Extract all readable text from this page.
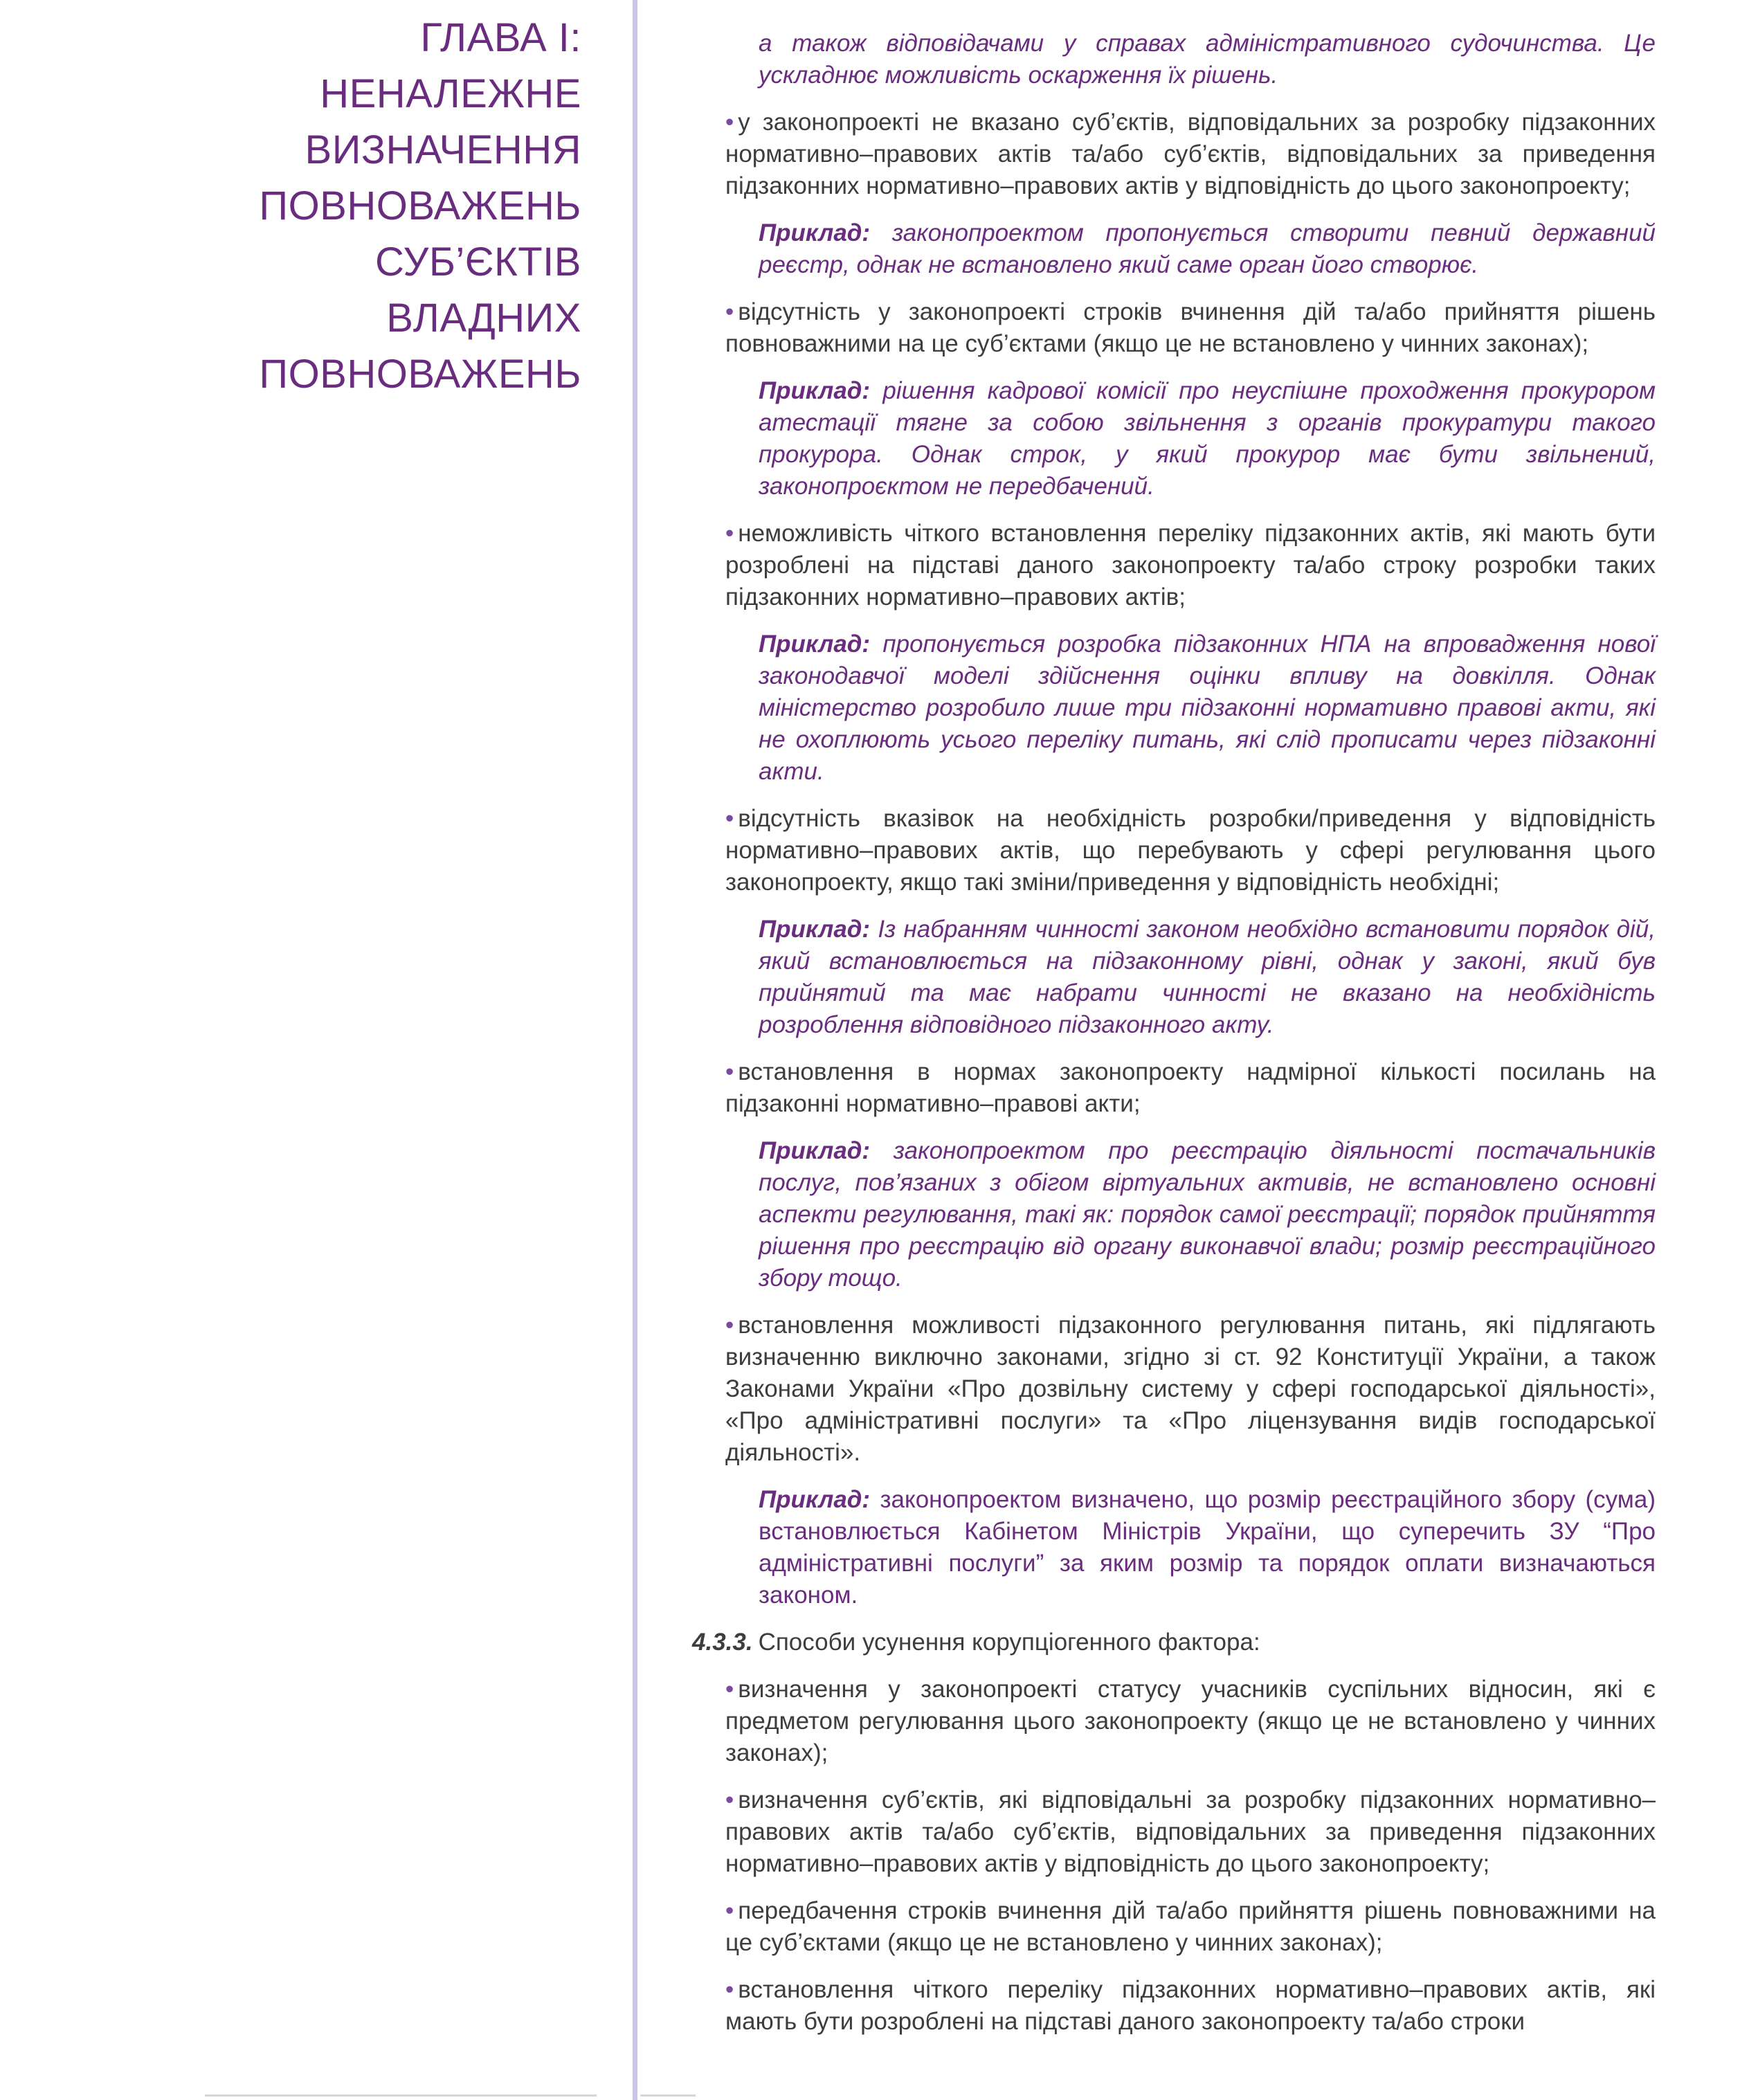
ГЛАВА І:
НЕНАЛЕЖНЕ
ВИЗНАЧЕННЯ
ПОВНОВАЖЕНЬ
СУБ’ЄКТІВ
ВЛАДНИХ
ПОВНОВАЖЕНЬ
а також відповідачами у справах адміністративного судочинства. Це ускладнює можливість оскарження їх рішень.
• у законопроекті не вказано суб’єктів, відповідальних за розробку підзаконних нормативно–правових актів та/або суб’єктів, відповідальних за приведення підзаконних нормативно–правових актів у відповідність до цього законопроекту;
Приклад: законопроектом пропонується створити певний державний реєстр, однак не встановлено який саме орган його створює.
• відсутність у законопроекті строків вчинення дій та/або прийняття рішень повноважними на це суб’єктами (якщо це не встановлено у чинних законах);
Приклад: рішення кадрової комісії про неуспішне проходження прокурором атестації тягне за собою звільнення з органів прокуратури такого прокурора. Однак строк, у який прокурор має бути звільнений, законопроєктом не передбачений.
• неможливість чіткого встановлення переліку підзаконних актів, які мають бути розроблені на підставі даного законопроекту та/або строку розробки таких підзаконних нормативно–правових актів;
Приклад: пропонується розробка підзаконних НПА на впровадження нової законодавчої моделі здійснення оцінки впливу на довкілля. Однак міністерство розробило лише три підзаконні нормативно правові акти, які не охоплюють усього переліку питань, які слід прописати через підзаконні акти.
• відсутність вказівок на необхідність розробки/приведення у відповідність нормативно–правових актів, що перебувають у сфері регулювання цього законопроекту, якщо такі зміни/приведення у відповідність необхідні;
Приклад: Із набранням чинності законом необхідно встановити порядок дій, який встановлюється на підзаконному рівні, однак у законі, який був прийнятий та має набрати чинності не вказано на необхідність розроблення відповідного підзаконного акту.
• встановлення в нормах законопроекту надмірної кількості посилань на підзаконні нормативно–правові акти;
Приклад: законопроектом про реєстрацію діяльності постачальників послуг, пов’язаних з обігом віртуальних активів, не встановлено основні аспекти регулювання, такі як: порядок самої реєстрації; порядок прийняття рішення про реєстрацію від органу виконавчої влади; розмір реєстраційного збору тощо.
• встановлення можливості підзаконного регулювання питань, які підлягають визначенню виключно законами, згідно зі ст. 92 Конституції України, а також Законами України «Про дозвільну систему у сфері господарської діяльності», «Про адміністративні послуги» та «Про ліцензування видів господарської діяльності».
Приклад: законопроектом визначено, що розмір реєстраційного збору (сума) встановлюється Кабінетом Міністрів України, що суперечить ЗУ “Про адміністративні послуги” за яким розмір та порядок оплати визначаються законом.
4.3.3. Способи усунення корупціогенного фактора:
• визначення у законопроекті статусу учасників суспільних відносин, які є предметом регулювання цього законопроекту (якщо це не встановлено у чинних законах);
• визначення суб’єктів, які відповідальні за розробку підзаконних нормативно–правових актів та/або суб’єктів, відповідальних за приведення підзаконних нормативно–правових актів у відповідність до цього законопроекту;
• передбачення строків вчинення дій та/або прийняття рішень повноважними на це суб’єктами (якщо це не встановлено у чинних законах);
• встановлення чіткого переліку підзаконних нормативно–правових актів, які мають бути розроблені на підставі даного законопроекту та/або строки
